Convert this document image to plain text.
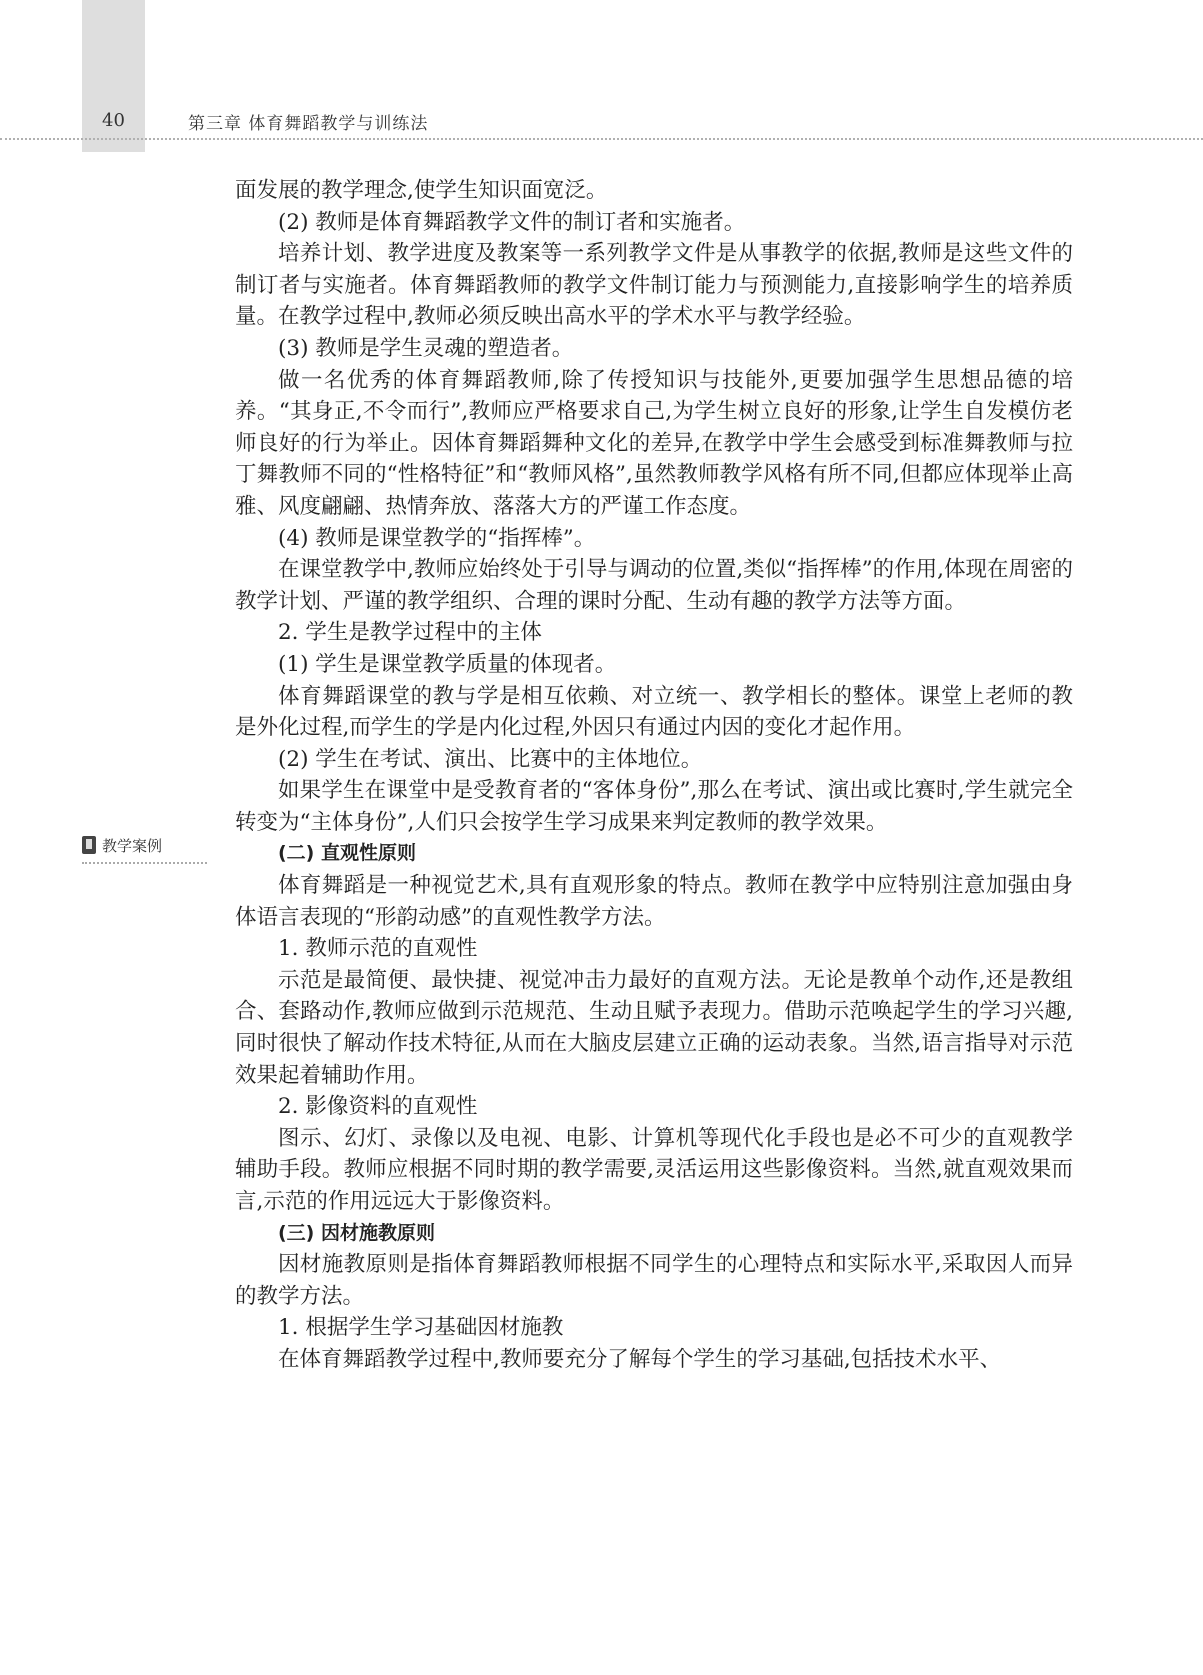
40	第三章 体育舞蹈教学与训练法
教学案例

面发展的教学理念,使学生知识面宽泛。

(2) 教师是体育舞蹈教学文件的制订者和实施者。

培养计划、教学进度及教案等一系列教学文件是从事教学的依据,教师是这些文件的制订者与实施者。体育舞蹈教师的教学文件制订能力与预测能力,直接影响学生的培养质量。在教学过程中,教师必须反映出高水平的学术水平与教学经验。

(3) 教师是学生灵魂的塑造者。

做一名优秀的体育舞蹈教师,除了传授知识与技能外,更要加强学生思想品德的培养。“其身正,不令而行”,教师应严格要求自己,为学生树立良好的形象,让学生自发模仿老师良好的行为举止。因体育舞蹈舞种文化的差异,在教学中学生会感受到标准舞教师与拉丁舞教师不同的“性格特征”和“教师风格”,虽然教师教学风格有所不同,但都应体现举止高雅、风度翩翩、热情奔放、落落大方的严谨工作态度。

(4) 教师是课堂教学的“指挥棒”。

在课堂教学中,教师应始终处于引导与调动的位置,类似“指挥棒”的作用,体现在周密的教学计划、严谨的教学组织、合理的课时分配、生动有趣的教学方法等方面。

2. 学生是教学过程中的主体

(1) 学生是课堂教学质量的体现者。

体育舞蹈课堂的教与学是相互依赖、对立统一、教学相长的整体。课堂上老师的教是外化过程,而学生的学是内化过程,外因只有通过内因的变化才起作用。

(2) 学生在考试、演出、比赛中的主体地位。

如果学生在课堂中是受教育者的“客体身份”,那么在考试、演出或比赛时,学生就完全转变为“主体身份”,人们只会按学生学习成果来判定教师的教学效果。

(二) 直观性原则

体育舞蹈是一种视觉艺术,具有直观形象的特点。教师在教学中应特别注意加强由身体语言表现的“形韵动感”的直观性教学方法。

1. 教师示范的直观性

示范是最简便、最快捷、视觉冲击力最好的直观方法。无论是教单个动作,还是教组合、套路动作,教师应做到示范规范、生动且赋予表现力。借助示范唤起学生的学习兴趣,同时很快了解动作技术特征,从而在大脑皮层建立正确的运动表象。当然,语言指导对示范效果起着辅助作用。

2. 影像资料的直观性

图示、幻灯、录像以及电视、电影、计算机等现代化手段也是必不可少的直观教学辅助手段。教师应根据不同时期的教学需要,灵活运用这些影像资料。当然,就直观效果而言,示范的作用远远大于影像资料。

(三) 因材施教原则

因材施教原则是指体育舞蹈教师根据不同学生的心理特点和实际水平,采取因人而异的教学方法。

1. 根据学生学习基础因材施教

在体育舞蹈教学过程中,教师要充分了解每个学生的学习基础,包括技术水平、
